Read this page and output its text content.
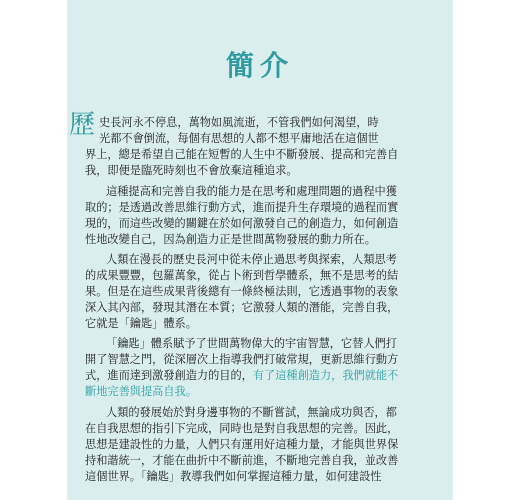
簡介
歷 史長河永不停息，萬物如風流逝，不管我們如何渴望，時
光都不會倒流，每個有思想的人都不想平庸地活在這個世
界上，總是希望自己能在短暫的人生中不斷發展、提高和完善自
我，即便是臨死時刻也不會放棄這種追求。
這種提高和完善自我的能力是在思考和處理問題的過程中獲
取的；是透過改善思維行動方式，進而提升生存環境的過程而實
現的，而這些改變的關鍵在於如何激發自己的創造力，如何創造
性地改變自己，因為創造力正是世間萬物發展的動力所在。
人類在漫長的歷史長河中從未停止過思考與探索，人類思考
的成果豐豐，包羅萬象，從占卜術到哲學體系，無不是思考的結
果。但是在這些成果背後總有一條終極法則，它透過事物的表象
深入其內部，發現其潛在本質；它激發人類的潛能，完善自我，
它就是「鑰匙」體系。
「鑰匙」體系賦予了世間萬物偉大的宇宙智慧，它替人們打
開了智慧之門，從深層次上指導我們打破常規，更新思維行動方
式，進而達到激發創造力的目的，有了這種創造力，我們就能不
斷地完善與提高自我。
人類的發展始於對身邊事物的不斷嘗試，無論成功與否，都
在自我思想的指引下完成，同時也是對自我思想的完善。因此，
思想是建設性的力量，人們只有運用好這種力量，才能與世界保
持和諧統一，才能在曲折中不斷前進，不斷地完善自我，並改善
這個世界。「鑰匙」教導我們如何掌握這種力量，如何建設性
